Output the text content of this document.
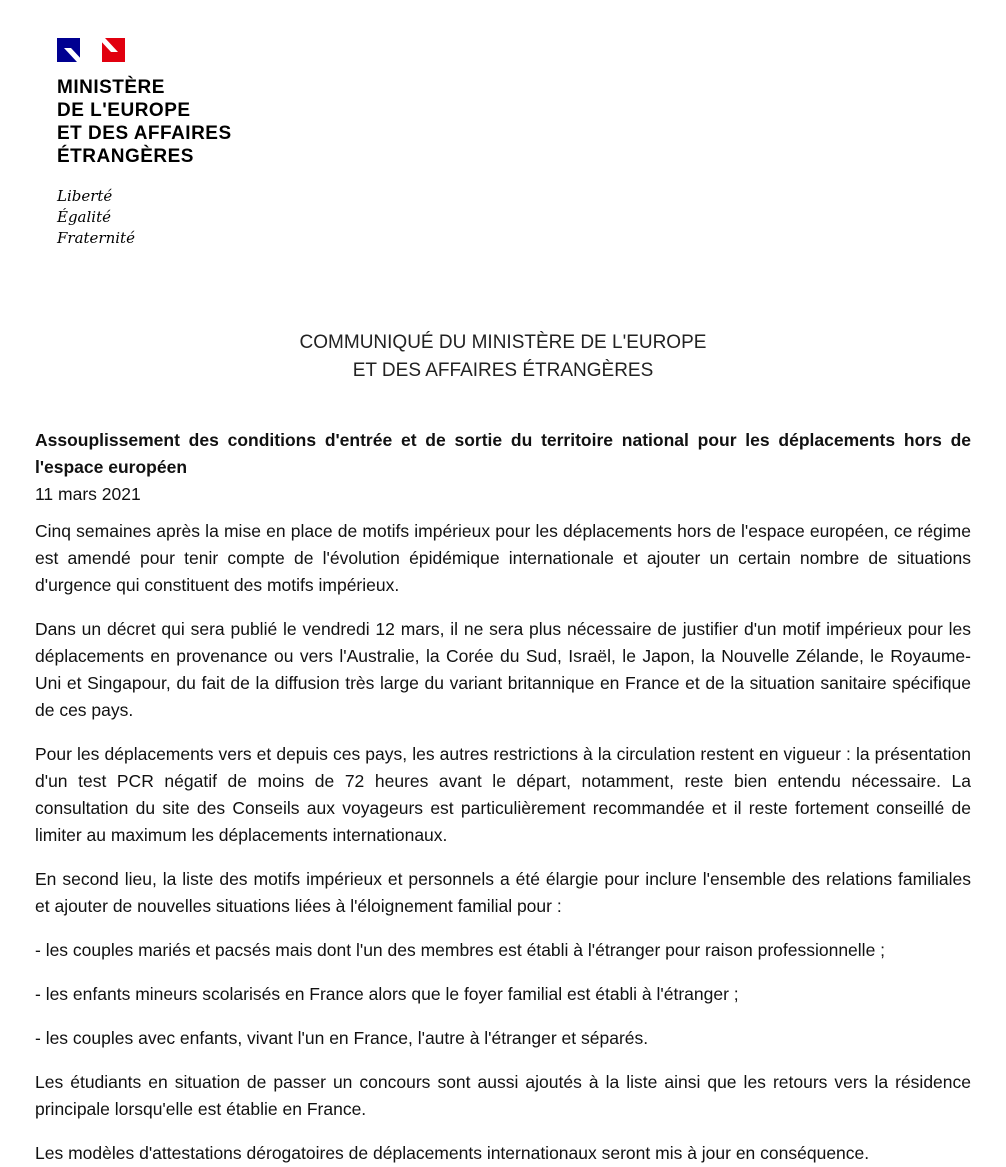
MINISTÈRE
DE L'EUROPE
ET DES AFFAIRES
ÉTRANGÈRES
Liberté
Égalité
Fraternité
COMMUNIQUÉ DU MINISTÈRE DE L'EUROPE
ET DES AFFAIRES ÉTRANGÈRES
Assouplissement des conditions d'entrée et de sortie du territoire national pour les déplacements hors de l'espace européen
11 mars 2021

Cinq semaines après la mise en place de motifs impérieux pour les déplacements hors de l'espace européen, ce régime est amendé pour tenir compte de l'évolution épidémique internationale et ajouter un certain nombre de situations d'urgence qui constituent des motifs impérieux.

Dans un décret qui sera publié le vendredi 12 mars, il ne sera plus nécessaire de justifier d'un motif impérieux pour les déplacements en provenance ou vers l'Australie, la Corée du Sud, Israël, le Japon, la Nouvelle Zélande, le Royaume-Uni et Singapour, du fait de la diffusion très large du variant britannique en France et de la situation sanitaire spécifique de ces pays.

Pour les déplacements vers et depuis ces pays, les autres restrictions à la circulation restent en vigueur : la présentation d'un test PCR négatif de moins de 72 heures avant le départ, notamment, reste bien entendu nécessaire. La consultation du site des Conseils aux voyageurs est particulièrement recommandée et il reste fortement conseillé de limiter au maximum les déplacements internationaux.

En second lieu, la liste des motifs impérieux et personnels a été élargie pour inclure l'ensemble des relations familiales et ajouter de nouvelles situations liées à l'éloignement familial pour :

- les couples mariés et pacsés mais dont l'un des membres est établi à l'étranger pour raison professionnelle ;

- les enfants mineurs scolarisés en France alors que le foyer familial est établi à l'étranger ;

- les couples avec enfants, vivant l'un en France, l'autre à l'étranger et séparés.

Les étudiants en situation de passer un concours sont aussi ajoutés à la liste ainsi que les retours vers la résidence principale lorsqu'elle est établie en France.

Les modèles d'attestations dérogatoires de déplacements internationaux seront mis à jour en conséquence.
